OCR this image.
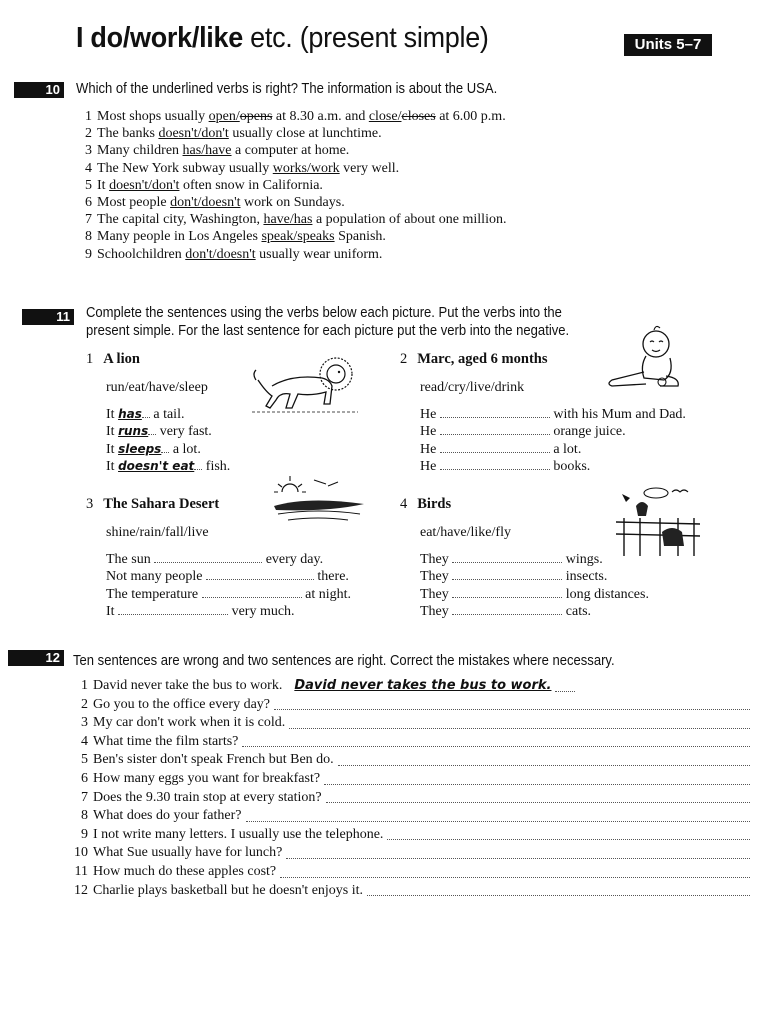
I do/work/like etc. (present simple)	Units 5–7
10 Which of the underlined verbs is right? The information is about the USA.
1 Most shops usually open/opens at 8.30 a.m. and close/closes at 6.00 p.m.
2 The banks doesn't/don't usually close at lunchtime.
3 Many children has/have a computer at home.
4 The New York subway usually works/work very well.
5 It doesn't/don't often snow in California.
6 Most people don't/doesn't work on Sundays.
7 The capital city, Washington, have/has a population of about one million.
8 Many people in Los Angeles speak/speaks Spanish.
9 Schoolchildren don't/doesn't usually wear uniform.
11 Complete the sentences using the verbs below each picture. Put the verbs into the
present simple. For the last sentence for each picture put the verb into the negative.
1 A lion
run/eat/have/sleep
It has a tail.
It runs very fast.
It sleeps a lot.
It doesn't eat fish.
2 Marc, aged 6 months
read/cry/live/drink
He	with his Mum and Dad.
He	orange juice.
He	a lot.
He	books.
3 The Sahara Desert
shine/rain/fall/live
The sun	every day.
Not many people	there.
The temperature	at night.
It	very much.
4 Birds
eat/have/like/fly
They	wings.
They	insects.
They	long distances.
They	cats.
12 Ten sentences are wrong and two sentences are right. Correct the mistakes where necessary.
1 David never take the bus to work. David never takes the bus to work.
2 Go you to the office every day?
3 My car don't work when it is cold.
4 What time the film starts?
5 Ben's sister don't speak French but Ben do.
6 How many eggs you want for breakfast?
7 Does the 9.30 train stop at every station?
8 What does do your father?
9 I not write many letters. I usually use the telephone.
10 What Sue usually have for lunch?
11 How much do these apples cost?
12 Charlie plays basketball but he doesn't enjoys it.
